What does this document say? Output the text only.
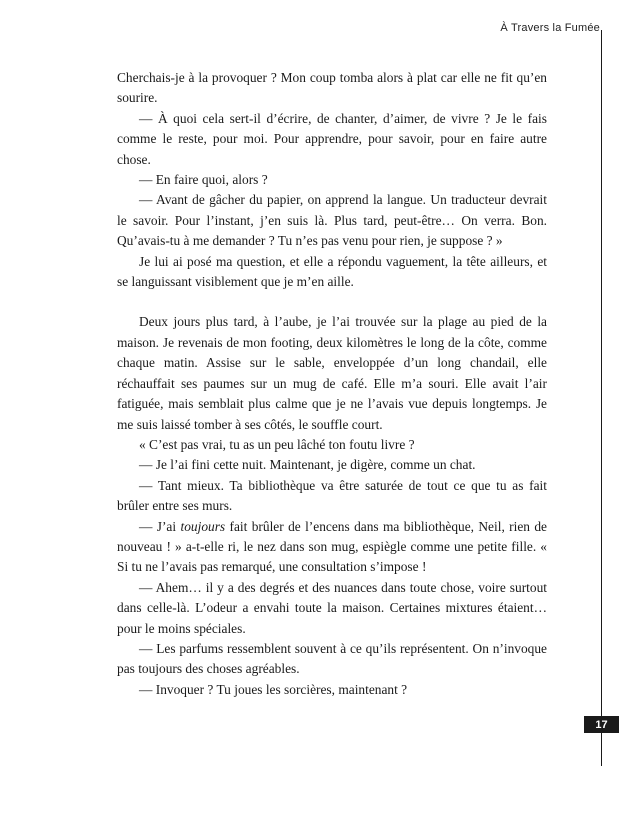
À Travers la Fumée

Cherchais-je à la provoquer ? Mon coup tomba alors à plat car elle ne fit qu’en sourire.

— À quoi cela sert-il d’écrire, de chanter, d’aimer, de vivre ? Je le fais comme le reste, pour moi. Pour apprendre, pour savoir, pour en faire autre chose.

— En faire quoi, alors ?

— Avant de gâcher du papier, on apprend la langue. Un traducteur devrait le savoir. Pour l’instant, j’en suis là. Plus tard, peut-être… On verra. Bon. Qu’avais-tu à me demander ? Tu n’es pas venu pour rien, je suppose ? »

Je lui ai posé ma question, et elle a répondu vaguement, la tête ailleurs, et se languissant visiblement que je m’en aille.

Deux jours plus tard, à l’aube, je l’ai trouvée sur la plage au pied de la maison. Je revenais de mon footing, deux kilomètres le long de la côte, comme chaque matin. Assise sur le sable, enveloppée d’un long chandail, elle réchauffait ses paumes sur un mug de café. Elle m’a souri. Elle avait l’air fatiguée, mais semblait plus calme que je ne l’avais vue depuis longtemps. Je me suis laissé tomber à ses côtés, le souffle court.

« C’est pas vrai, tu as un peu lâché ton foutu livre ?

— Je l’ai fini cette nuit. Maintenant, je digère, comme un chat.

— Tant mieux. Ta bibliothèque va être saturée de tout ce que tu as fait brûler entre ses murs.

— J’ai toujours fait brûler de l’encens dans ma bibliothèque, Neil, rien de nouveau ! » a-t-elle ri, le nez dans son mug, espiègle comme une petite fille. « Si tu ne l’avais pas remarqué, une consultation s’impose !

— Ahem… il y a des degrés et des nuances dans toute chose, voire surtout dans celle-là. L’odeur a envahi toute la maison. Certaines mixtures étaient… pour le moins spéciales.

— Les parfums ressemblent souvent à ce qu’ils représentent. On n’invoque pas toujours des choses agréables.

— Invoquer ? Tu joues les sorcières, maintenant ?

17
